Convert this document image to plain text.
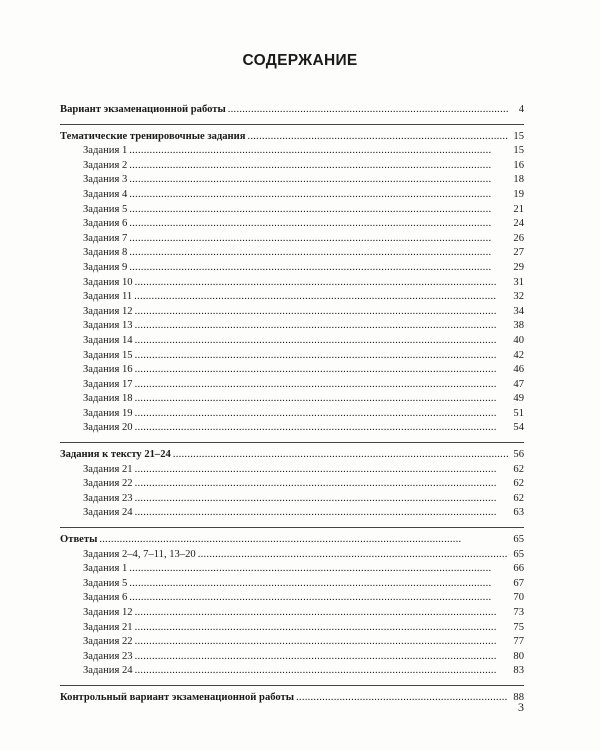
СОДЕРЖАНИЕ
Вариант экзаменационной работы . . .	4
Тематические тренировочные задания . . .	15
Задания 1 . . .	15
Задания 2 . . .	16
Задания 3 . . .	18
Задания 4 . . .	19
Задания 5 . . .	21
Задания 6 . . .	24
Задания 7 . . .	26
Задания 8 . . .	27
Задания 9 . . .	29
Задания 10 . . .	31
Задания 11 . . .	32
Задания 12 . . .	34
Задания 13 . . .	38
Задания 14 . . .	40
Задания 15 . . .	42
Задания 16 . . .	46
Задания 17 . . .	47
Задания 18 . . .	49
Задания 19 . . .	51
Задания 20 . . .	54
Задания к тексту 21–24 . . .	56
Задания 21 . . .	62
Задания 22 . . .	62
Задания 23 . . .	62
Задания 24 . . .	63
Ответы . . .	65
Задания 2–4, 7–11, 13–20 . . .	65
Задания 1 . . .	66
Задания 5 . . .	67
Задания 6 . . .	70
Задания 12 . . .	73
Задания 21 . . .	75
Задания 22 . . .	77
Задания 23 . . .	80
Задания 24 . . .	83
Контрольный вариант экзаменационной работы . . .	88
3
